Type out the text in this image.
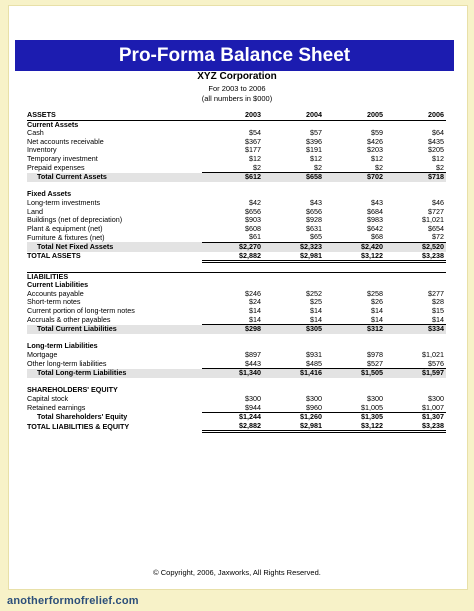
Pro-Forma Balance Sheet
XYZ Corporation
For 2003 to 2006
(all numbers in $000)
ASSETS	2003	2004	2005	2006
Current Assets				
Cash	$54	$57	$59	$64
Net accounts receivable	$367	$396	$426	$435
Inventory	$177	$191	$203	$205
Temporary investment	$12	$12	$12	$12
Prepaid expenses	$2	$2	$2	$2
Total Current Assets	$612	$658	$702	$718

Fixed Assets				
Long-term investments	$42	$43	$43	$46
Land	$656	$656	$684	$727
Buildings (net of depreciation)	$903	$928	$983	$1,021
Plant & equipment (net)	$608	$631	$642	$654
Furniture & fixtures (net)	$61	$65	$68	$72
Total Net Fixed Assets	$2,270	$2,323	$2,420	$2,520
TOTAL ASSETS	$2,882	$2,981	$3,122	$3,238

LIABILITIES				
Current Liabilities				
Accounts payable	$246	$252	$258	$277
Short-term notes	$24	$25	$26	$28
Current portion of long-term notes	$14	$14	$14	$15
Accruals & other payables	$14	$14	$14	$14
Total Current Liabilities	$298	$305	$312	$334

Long-term Liabilities				
Mortgage	$897	$931	$978	$1,021
Other long-term liabilities	$443	$485	$527	$576
Total Long-term Liabilities	$1,340	$1,416	$1,505	$1,597

SHAREHOLDERS' EQUITY				
Capital stock	$300	$300	$300	$300
Retained earnings	$944	$960	$1,005	$1,007
Total Shareholders' Equity	$1,244	$1,260	$1,305	$1,307
TOTAL LIABILITIES & EQUITY	$2,882	$2,981	$3,122	$3,238
© Copyright, 2006, Jaxworks, All Rights Reserved.
anotherformofrelief.com
